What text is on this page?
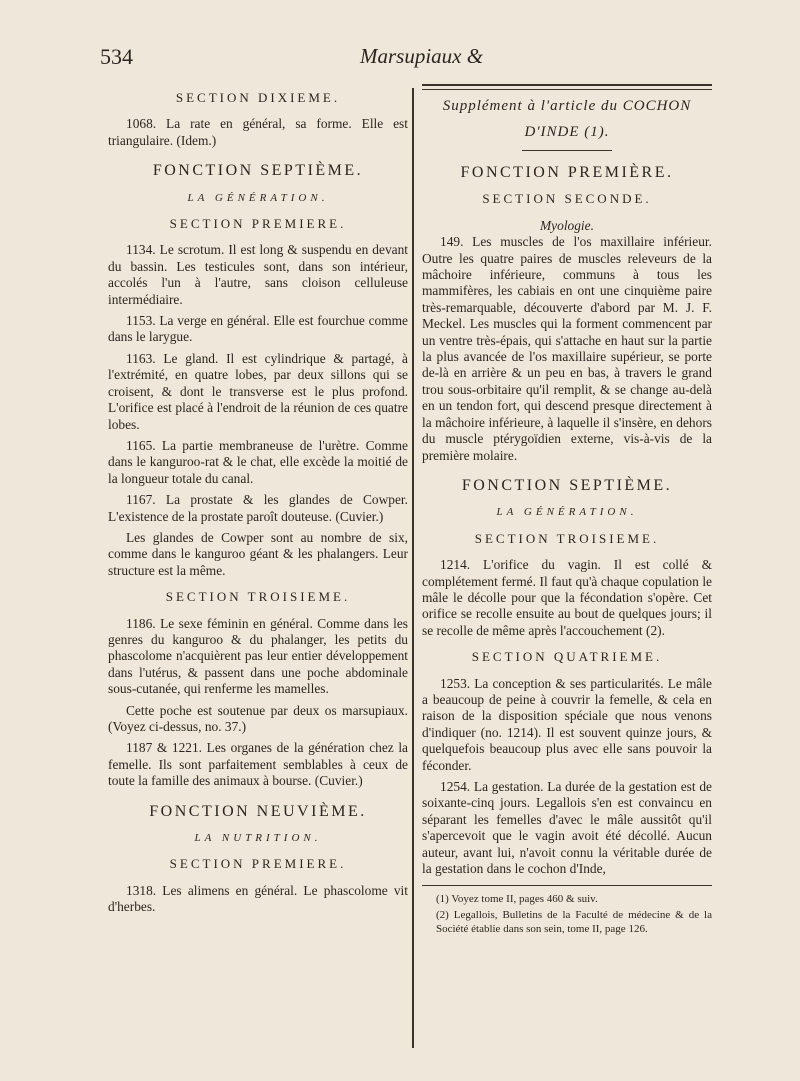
534	Marsupiaux &
SECTION DIXIEME.

1068. La rate en général, sa forme. Elle est triangulaire. (Idem.)

FONCTION SEPTIÈME.
LA GÉNÉRATION.
SECTION PREMIERE.

1134. Le scrotum. Il est long & suspendu en devant du bassin. Les testicules sont, dans son intérieur, accolés l'un à l'autre, sans cloison celluleuse intermédiaire.

1153. La verge en général. Elle est fourchue comme dans le larygue.

1163. Le gland. Il est cylindrique & partagé, à l'extrémité, en quatre lobes, par deux sillons qui se croisent, & dont le transverse est le plus profond. L'orifice est placé à l'endroit de la réunion de ces quatre lobes.

1165. La partie membraneuse de l'urètre. Comme dans le kanguroo-rat & le chat, elle excède la moitié de la longueur totale du canal.

1167. La prostate & les glandes de Cowper. L'existence de la prostate paroît douteuse. (Cuvier.)

Les glandes de Cowper sont au nombre de six, comme dans le kanguroo géant & les phalangers. Leur structure est la même.

SECTION TROISIEME.

1186. Le sexe féminin en général. Comme dans les genres du kanguroo & du phalanger, les petits du phascolome n'acquièrent pas leur entier développement dans l'utérus, & passent dans une poche abdominale sous-cutanée, qui renferme les mamelles.

Cette poche est soutenue par deux os marsupiaux. (Voyez ci-dessus, no. 37.)

1187 & 1221. Les organes de la génération chez la femelle. Ils sont parfaitement semblables à ceux de toute la famille des animaux à bourse. (Cuvier.)

FONCTION NEUVIÈME.
LA NUTRITION.
SECTION PREMIERE.

1318. Les alimens en général. Le phascolome vit d'herbes.

Supplément à l'article du COCHON
D'INDE (1).
FONCTION PREMIÈRE.
SECTION SECONDE.
Myologie.

149. Les muscles de l'os maxillaire inférieur. Outre les quatre paires de muscles releveurs de la mâchoire inférieure, communs à tous les mammifères, les cabiais en ont une cinquième paire très-remarquable, découverte d'abord par M. J. F. Meckel. Les muscles qui la forment commencent par un ventre très-épais, qui s'attache en haut sur la partie la plus avancée de l'os maxillaire supérieur, se porte de-là en arrière & un peu en bas, à travers le grand trou sous-orbitaire qu'il remplit, & se change au-delà en un tendon fort, qui descend presque directement à la mâchoire inférieure, à laquelle il s'insère, en dehors du muscle ptérygoïdien externe, vis-à-vis de la première molaire.

FONCTION SEPTIÈME.
LA GÉNÉRATION.
SECTION TROISIEME.

1214. L'orifice du vagin. Il est collé & complétement fermé. Il faut qu'à chaque copulation le mâle le décolle pour que la fécondation s'opère. Cet orifice se recolle ensuite au bout de quelques jours; il se recolle de même après l'accouchement (2).

SECTION QUATRIEME.

1253. La conception & ses particularités. Le mâle a beaucoup de peine à couvrir la femelle, & cela en raison de la disposition spéciale que nous venons d'indiquer (no. 1214). Il est souvent quinze jours, & quelquefois beaucoup plus avec elle sans pouvoir la féconder.

1254. La gestation. La durée de la gestation est de soixante-cinq jours. Legallois s'en est convaincu en séparant les femelles d'avec le mâle aussitôt qu'il s'apercevoit que le vagin avoit été décollé. Aucun auteur, avant lui, n'avoit connu la véritable durée de la gestation dans le cochon d'Inde,

(1) Voyez tome II, pages 460 & suiv.

(2) Legallois, Bulletins de la Faculté de médecine & de la Société établie dans son sein, tome II, page 126.
